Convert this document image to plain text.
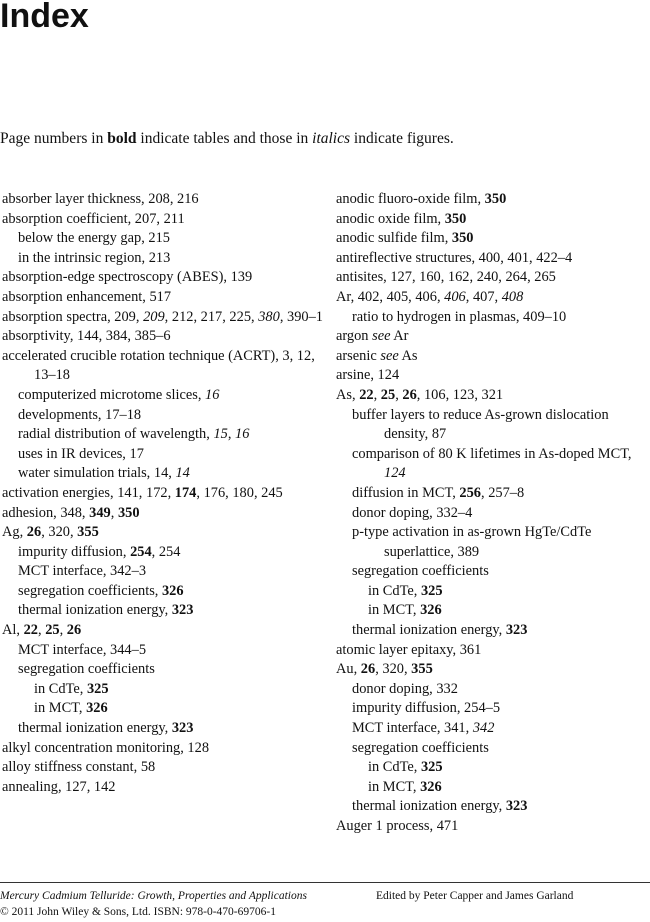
Index
Page numbers in bold indicate tables and those in italics indicate figures.
absorber layer thickness, 208, 216
absorption coefficient, 207, 211
below the energy gap, 215
in the intrinsic region, 213
absorption-edge spectroscopy (ABES), 139
absorption enhancement, 517
absorption spectra, 209, 209, 212, 217, 225, 380, 390–1
absorptivity, 144, 384, 385–6
accelerated crucible rotation technique (ACRT), 3, 12, 13–18
computerized microtome slices, 16
developments, 17–18
radial distribution of wavelength, 15, 16
uses in IR devices, 17
water simulation trials, 14, 14
activation energies, 141, 172, 174, 176, 180, 245
adhesion, 348, 349, 350
Ag, 26, 320, 355
impurity diffusion, 254, 254
MCT interface, 342–3
segregation coefficients, 326
thermal ionization energy, 323
Al, 22, 25, 26
MCT interface, 344–5
segregation coefficients
in CdTe, 325
in MCT, 326
thermal ionization energy, 323
alkyl concentration monitoring, 128
alloy stiffness constant, 58
annealing, 127, 142
anodic fluoro-oxide film, 350
anodic oxide film, 350
anodic sulfide film, 350
antireflective structures, 400, 401, 422–4
antisites, 127, 160, 162, 240, 264, 265
Ar, 402, 405, 406, 406, 407, 408
ratio to hydrogen in plasmas, 409–10
argon see Ar
arsenic see As
arsine, 124
As, 22, 25, 26, 106, 123, 321
buffer layers to reduce As-grown dislocation density, 87
comparison of 80 K lifetimes in As-doped MCT, 124
diffusion in MCT, 256, 257–8
donor doping, 332–4
p-type activation in as-grown HgTe/CdTe superlattice, 389
segregation coefficients
in CdTe, 325
in MCT, 326
thermal ionization energy, 323
atomic layer epitaxy, 361
Au, 26, 320, 355
donor doping, 332
impurity diffusion, 254–5
MCT interface, 341, 342
segregation coefficients
in CdTe, 325
in MCT, 326
thermal ionization energy, 323
Auger 1 process, 471
Mercury Cadmium Telluride: Growth, Properties and Applications	Edited by Peter Capper and James Garland
© 2011 John Wiley & Sons, Ltd. ISBN: 978-0-470-69706-1
